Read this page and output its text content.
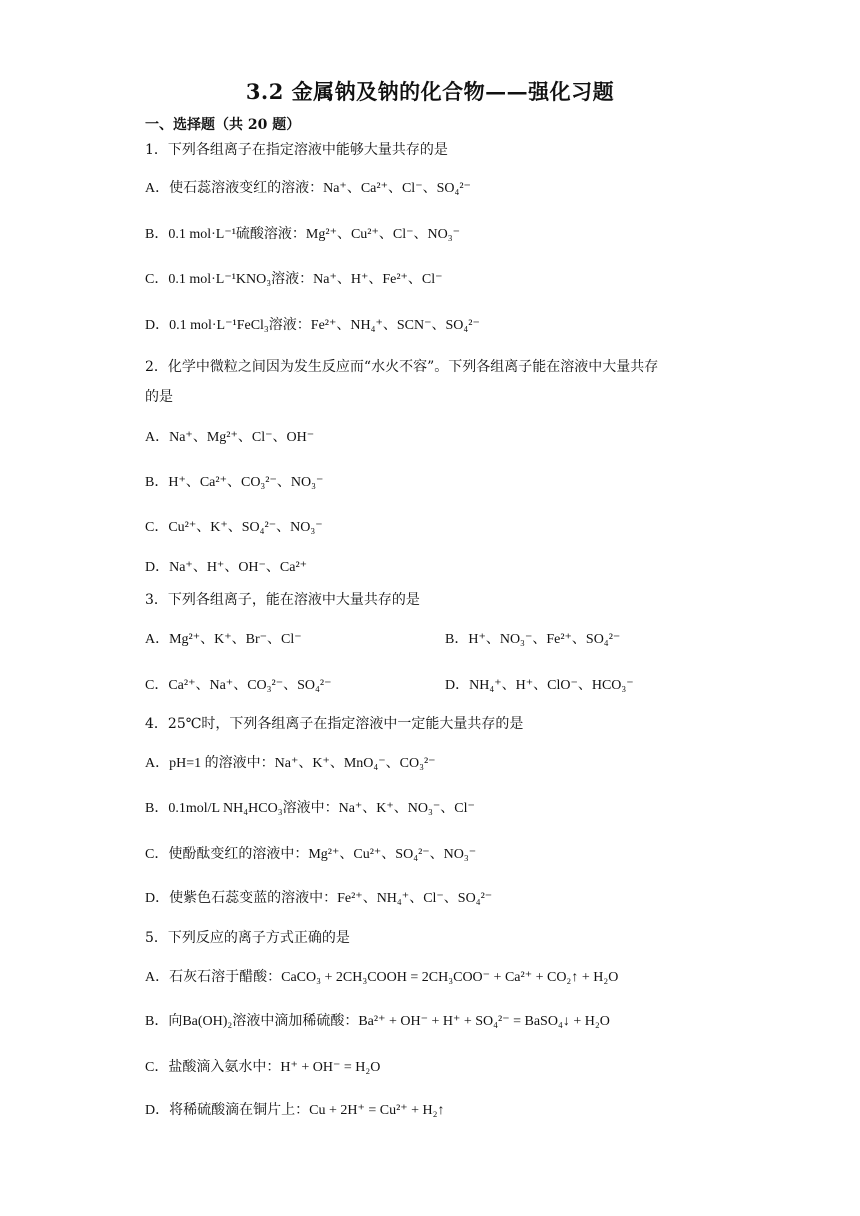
3.2 金属钠及钠的化合物——强化习题
一、选择题（共 20 题）
1．下列各组离子在指定溶液中能够大量共存的是
A．使石蕊溶液变红的溶液：Na⁺、Ca²⁺、Cl⁻、SO₄²⁻
B．0.1 mol·L⁻¹硫酸溶液：Mg²⁺、Cu²⁺、Cl⁻、NO₃⁻
C．0.1 mol·L⁻¹KNO₃溶液：Na⁺、H⁺、Fe²⁺、Cl⁻
D．0.1 mol·L⁻¹FeCl₃溶液：Fe²⁺、NH₄⁺、SCN⁻、SO₄²⁻
2．化学中微粒之间因为发生反应而“水火不容”。下列各组离子能在溶液中大量共存
的是
A．Na⁺、Mg²⁺、Cl⁻、OH⁻
B．H⁺、Ca²⁺、CO₃²⁻、NO₃⁻
C．Cu²⁺、K⁺、SO₄²⁻、NO₃⁻
D．Na⁺、H⁺、OH⁻、Ca²⁺
3．下列各组离子，能在溶液中大量共存的是
A．Mg²⁺、K⁺、Br⁻、Cl⁻	B．H⁺、NO₃⁻、Fe²⁺、SO₄²⁻
C．Ca²⁺、Na⁺、CO₃²⁻、SO₄²⁻	D．NH₄⁺、H⁺、ClO⁻、HCO₃⁻
4．25℃时，下列各组离子在指定溶液中一定能大量共存的是
A．pH=1 的溶液中：Na⁺、K⁺、MnO₄⁻、CO₃²⁻
B．0.1mol/L NH₄HCO₃溶液中：Na⁺、K⁺、NO₃⁻、Cl⁻
C．使酚酞变红的溶液中：Mg²⁺、Cu²⁺、SO₄²⁻、NO₃⁻
D．使紫色石蕊变蓝的溶液中：Fe²⁺、NH₄⁺、Cl⁻、SO₄²⁻
5．下列反应的离子方式正确的是
A．石灰石溶于醋酸：CaCO₃ + 2CH₃COOH = 2CH₃COO⁻ + Ca²⁺ + CO₂↑ + H₂O
B．向Ba(OH)₂溶液中滴加稀硫酸：Ba²⁺ + OH⁻ + H⁺ + SO₄²⁻ = BaSO₄↓ + H₂O
C．盐酸滴入氨水中：H⁺ + OH⁻ = H₂O
D．将稀硫酸滴在铜片上：Cu + 2H⁺ = Cu²⁺ + H₂↑
